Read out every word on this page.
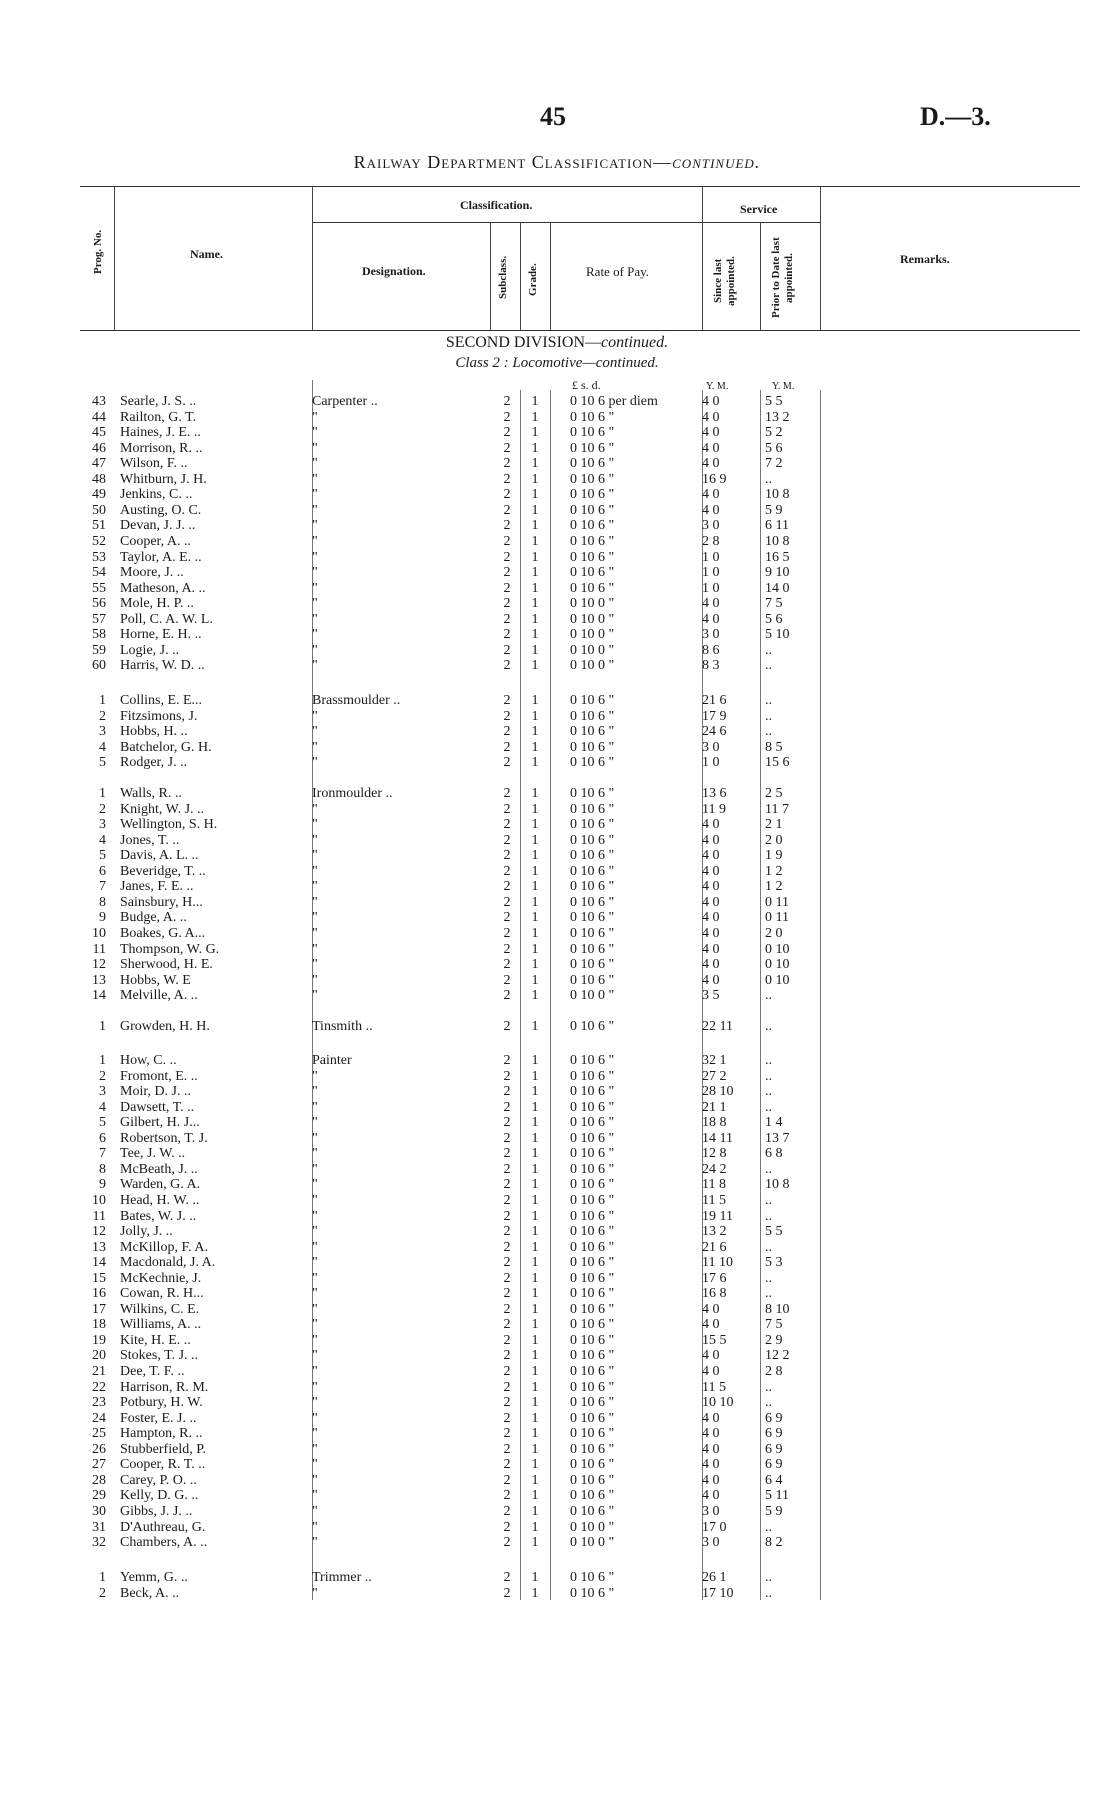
45	D.—3.
Railway Department Classification—continued.
Prog. No.	Name.
Classification.
Designation.	Subclass. Grade.	Rate of Pay.
Service
Since last appointed.	Prior to Date last appointed.	Remarks.
SECOND DIVISION—continued.
Class 2 : Locomotive—continued.
£ s. d.	Y. M.	Y. M.
43 Searle, J. S. ..	Carpenter ..	2 1 0 10 6 per diem	4 0	5 5
44 Railton, G. T.	"	2 1 0 10 6 "	4 0	13 2
45 Haines, J. E. ..	"	2 1 0 10 6 "	4 0	5 2
46 Morrison, R. ..	"	2 1 0 10 6 "	4 0	5 6
47 Wilson, F. ..	"	2 1 0 10 6 "	4 0	7 2
48 Whitburn, J. H.	"	2 1 0 10 6 "	16 9	..
49 Jenkins, C. ..	"	2 1 0 10 6 "	4 0	10 8
50 Austing, O. C.	"	2 1 0 10 6 "	4 0	5 9
51 Devan, J. J. ..	"	2 1 0 10 6 "	3 0	6 11
52 Cooper, A. ..	"	2 1 0 10 6 "	2 8	10 8
53 Taylor, A. E. ..	"	2 1 0 10 6 "	1 0	16 5
54 Moore, J. ..	"	2 1 0 10 6 "	1 0	9 10
55 Matheson, A. ..	"	2 1 0 10 6 "	1 0	14 0
56 Mole, H. P. ..	"	2 1 0 10 0 "	4 0	7 5
57 Poll, C. A. W. L.	"	2 1 0 10 0 "	4 0	5 6
58 Horne, E. H. ..	"	2 1 0 10 0 "	3 0	5 10
59 Logie, J. ..	"	2 1 0 10 0 "	8 6	..
60 Harris, W. D. ..	"	2 1 0 10 0 "	8 3	..
1 Collins, E. E...	Brassmoulder ..	2 1 0 10 6 "	21 6	..
2 Fitzsimons, J.	"	2 1 0 10 6 "	17 9	..
3 Hobbs, H. ..	"	2 1 0 10 6 "	24 6	..
4 Batchelor, G. H.	"	2 1 0 10 6 "	3 0	8 5
5 Rodger, J. ..	"	2 1 0 10 6 "	1 0	15 6
1 Walls, R. ..	Ironmoulder ..	2 1 0 10 6 "	13 6	2 5
2 Knight, W. J. ..	"	2 1 0 10 6 "	11 9	11 7
3 Wellington, S. H.	"	2 1 0 10 6 "	4 0	2 1
4 Jones, T. ..	"	2 1 0 10 6 "	4 0	2 0
5 Davis, A. L. ..	"	2 1 0 10 6 "	4 0	1 9
6 Beveridge, T. ..	"	2 1 0 10 6 "	4 0	1 2
7 Janes, F. E. ..	"	2 1 0 10 6 "	4 0	1 2
8 Sainsbury, H...	"	2 1 0 10 6 "	4 0	0 11
9 Budge, A. ..	"	2 1 0 10 6 "	4 0	0 11
10 Boakes, G. A...	"	2 1 0 10 6 "	4 0	2 0
11 Thompson, W. G.	"	2 1 0 10 6 "	4 0	0 10
12 Sherwood, H. E.	"	2 1 0 10 6 "	4 0	0 10
13 Hobbs, W. E	"	2 1 0 10 6 "	4 0	0 10
14 Melville, A. ..	"	2 1 0 10 0 "	3 5	..
1 Growden, H. H.	Tinsmith ..	2 1 0 10 6 "	22 11	..
1 How, C. ..	Painter	2 1 0 10 6 "	32 1	..
2 Fromont, E. ..	"	2 1 0 10 6 "	27 2	..
3 Moir, D. J. ..	"	2 1 0 10 6 "	28 10	..
4 Dawsett, T. ..	"	2 1 0 10 6 "	21 1	..
5 Gilbert, H. J...	"	2 1 0 10 6 "	18 8	1 4
6 Robertson, T. J.	"	2 1 0 10 6 "	14 11	13 7
7 Tee, J. W. ..	"	2 1 0 10 6 "	12 8	6 8
8 McBeath, J. ..	"	2 1 0 10 6 "	24 2	..
9 Warden, G. A.	"	2 1 0 10 6 "	11 8	10 8
10 Head, H. W. ..	"	2 1 0 10 6 "	11 5	..
11 Bates, W. J. ..	"	2 1 0 10 6 "	19 11	..
12 Jolly, J. ..	"	2 1 0 10 6 "	13 2	5 5
13 McKillop, F. A.	"	2 1 0 10 6 "	21 6	..
14 Macdonald, J. A.	"	2 1 0 10 6 "	11 10	5 3
15 McKechnie, J.	"	2 1 0 10 6 "	17 6	..
16 Cowan, R. H...	"	2 1 0 10 6 "	16 8	..
17 Wilkins, C. E.	"	2 1 0 10 6 "	4 0	8 10
18 Williams, A. ..	"	2 1 0 10 6 "	4 0	7 5
19 Kite, H. E. ..	"	2 1 0 10 6 "	15 5	2 9
20 Stokes, T. J. ..	"	2 1 0 10 6 "	4 0	12 2
21 Dee, T. F. ..	"	2 1 0 10 6 "	4 0	2 8
22 Harrison, R. M.	"	2 1 0 10 6 "	11 5	..
23 Potbury, H. W.	"	2 1 0 10 6 "	10 10	..
24 Foster, E. J. ..	"	2 1 0 10 6 "	4 0	6 9
25 Hampton, R. ..	"	2 1 0 10 6 "	4 0	6 9
26 Stubberfield, P.	"	2 1 0 10 6 "	4 0	6 9
27 Cooper, R. T. ..	"	2 1 0 10 6 "	4 0	6 9
28 Carey, P. O. ..	"	2 1 0 10 6 "	4 0	6 4
29 Kelly, D. G. ..	"	2 1 0 10 6 "	4 0	5 11
30 Gibbs, J. J. ..	"	2 1 0 10 6 "	3 0	5 9
31 D'Authreau, G.	"	2 1 0 10 0 "	17 0	..
32 Chambers, A. ..	"	2 1 0 10 0 "	3 0	8 2
1 Yemm, G. ..	Trimmer ..	2 1 0 10 6 "	26 1	..
2 Beck, A. ..	"	2 1 0 10 6 "	17 10	..
